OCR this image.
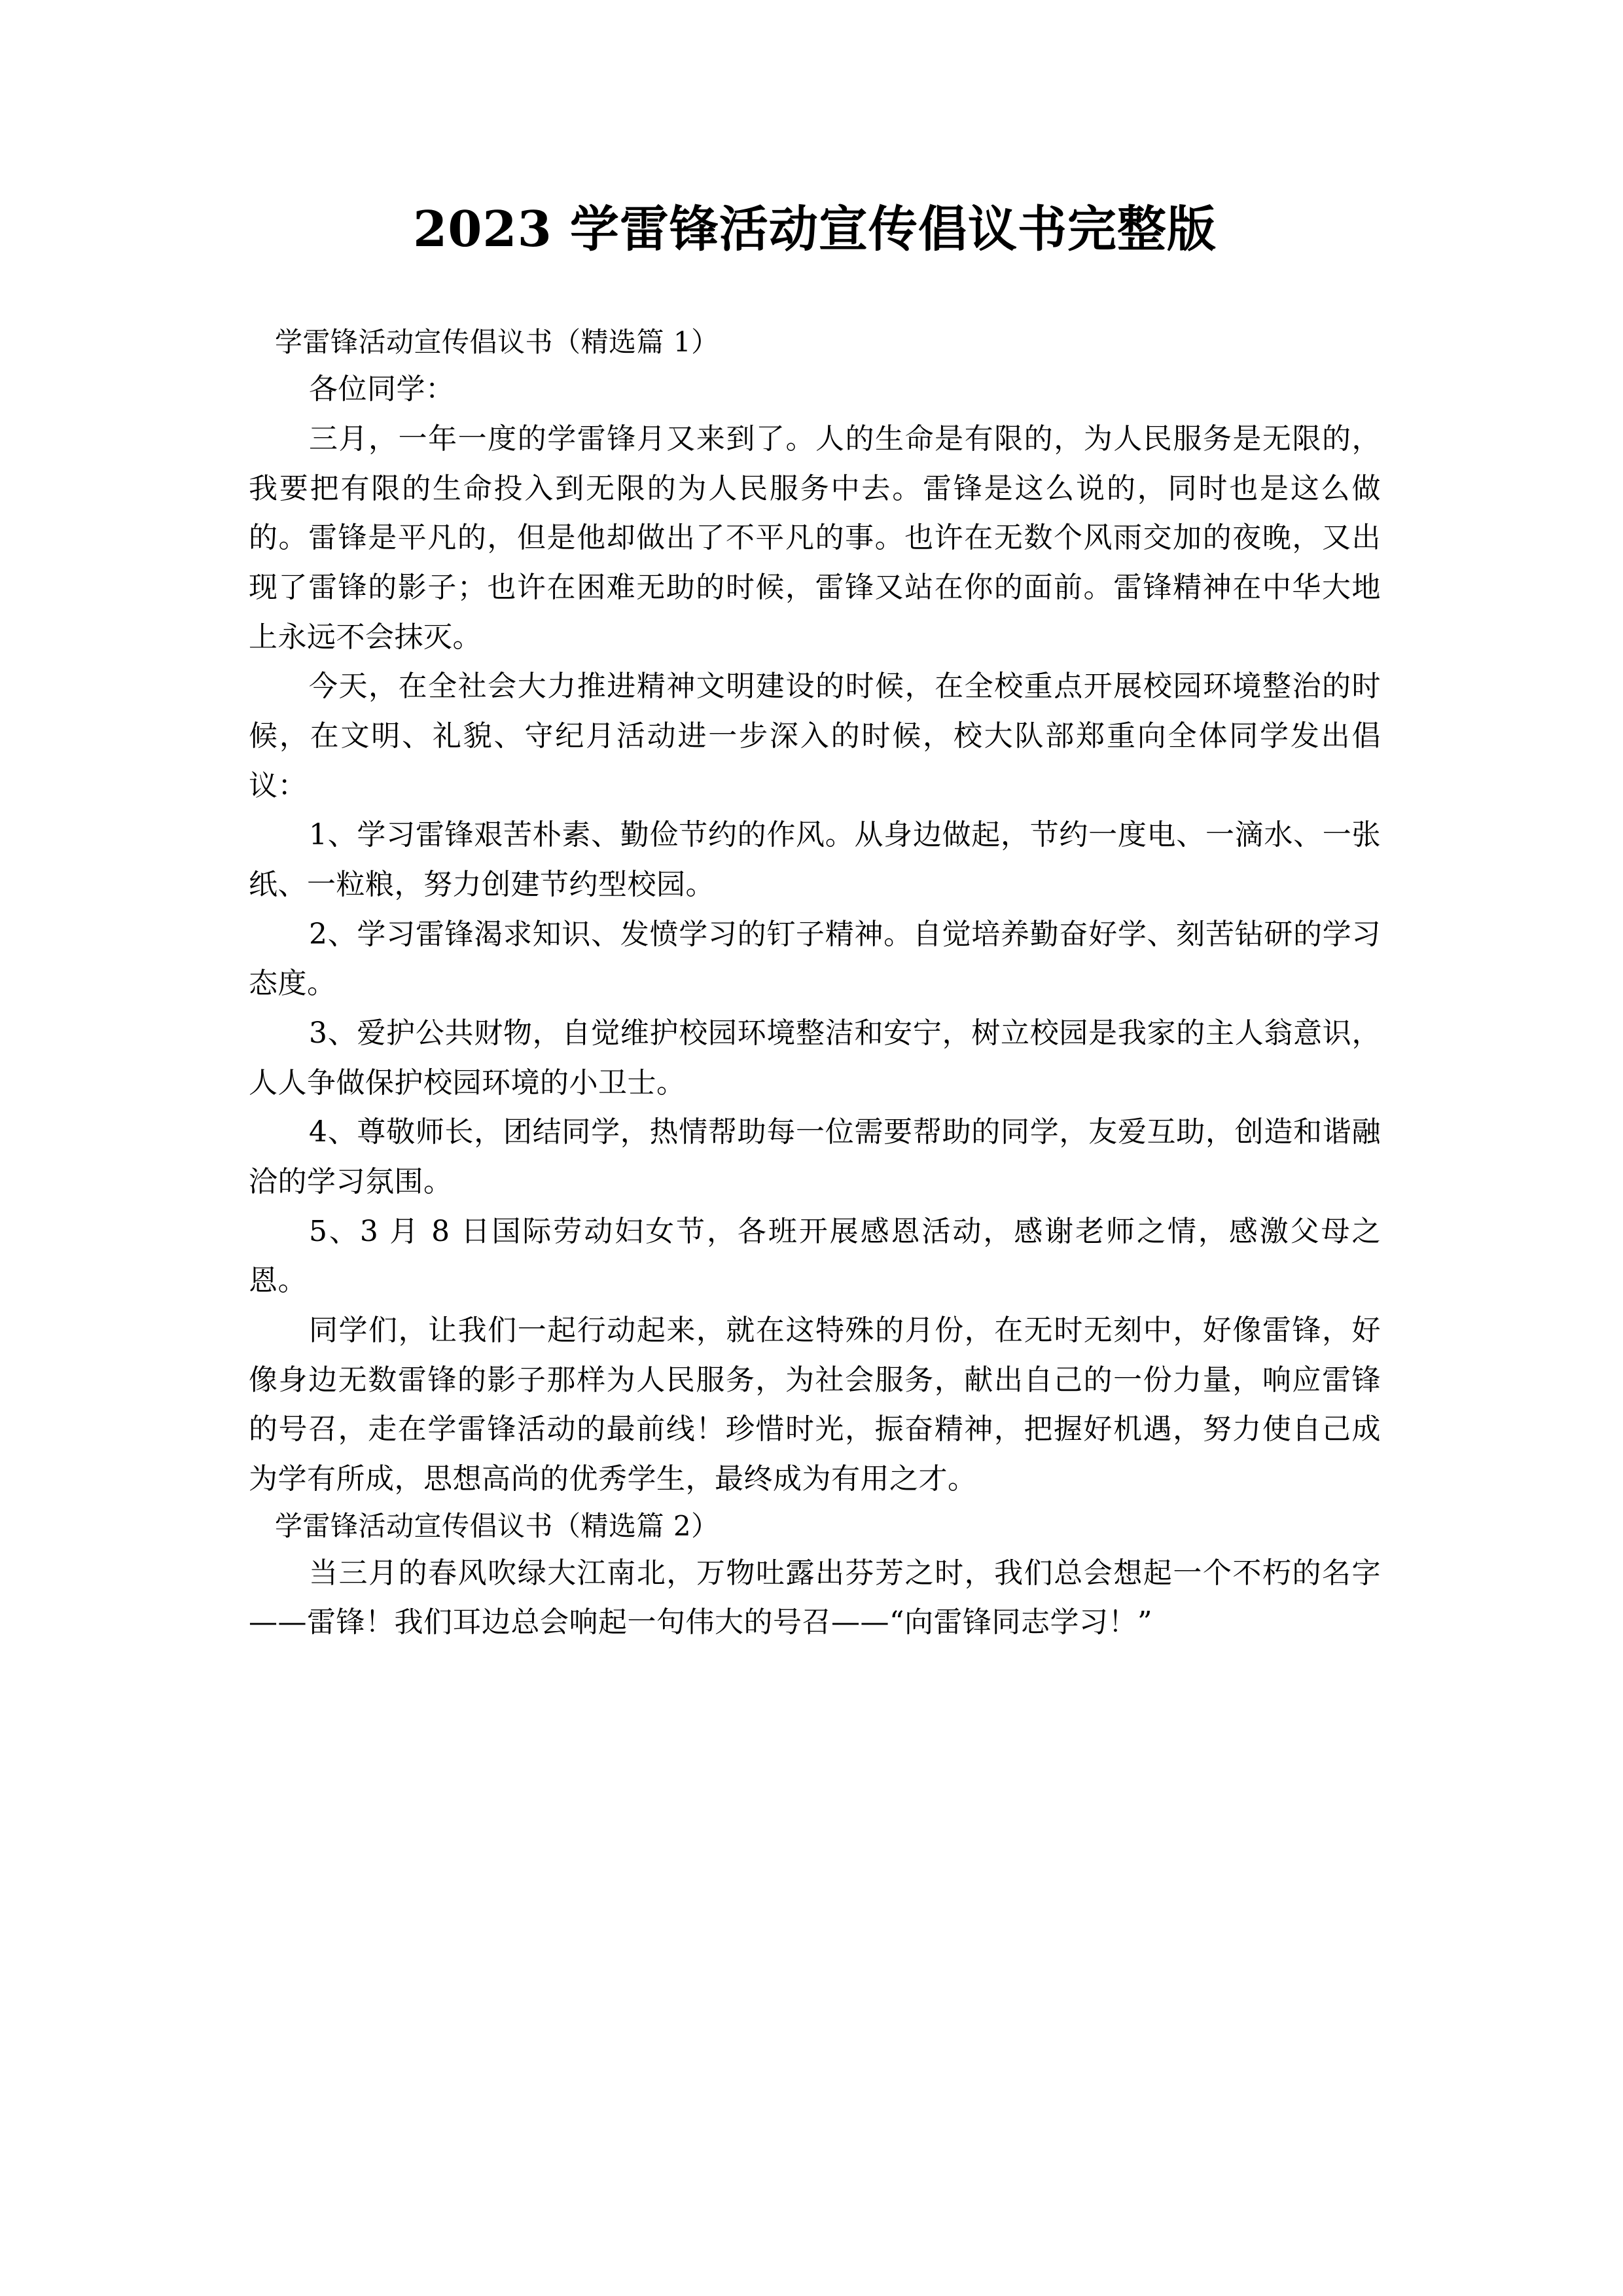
2023 学雷锋活动宣传倡议书完整版

学雷锋活动宣传倡议书（精选篇 1）

各位同学：

三月，一年一度的学雷锋月又来到了。人的生命是有限的，为人民服务是无限的，我要把有限的生命投入到无限的为人民服务中去。雷锋是这么说的，同时也是这么做的。雷锋是平凡的，但是他却做出了不平凡的事。也许在无数个风雨交加的夜晚，又出现了雷锋的影子；也许在困难无助的时候，雷锋又站在你的面前。雷锋精神在中华大地上永远不会抹灭。

今天，在全社会大力推进精神文明建设的时候，在全校重点开展校园环境整治的时候，在文明、礼貌、守纪月活动进一步深入的时候，校大队部郑重向全体同学发出倡议：

1、学习雷锋艰苦朴素、勤俭节约的作风。从身边做起，节约一度电、一滴水、一张纸、一粒粮，努力创建节约型校园。

2、学习雷锋渴求知识、发愤学习的钉子精神。自觉培养勤奋好学、刻苦钻研的学习态度。

3、爱护公共财物，自觉维护校园环境整洁和安宁，树立校园是我家的主人翁意识，人人争做保护校园环境的小卫士。

4、尊敬师长，团结同学，热情帮助每一位需要帮助的同学，友爱互助，创造和谐融洽的学习氛围。

5、3 月 8 日国际劳动妇女节，各班开展感恩活动，感谢老师之情，感激父母之恩。

同学们，让我们一起行动起来，就在这特殊的月份，在无时无刻中，好像雷锋，好像身边无数雷锋的影子那样为人民服务，为社会服务，献出自己的一份力量，响应雷锋的号召，走在学雷锋活动的最前线！珍惜时光，振奋精神，把握好机遇，努力使自己成为学有所成，思想高尚的优秀学生，最终成为有用之才。

学雷锋活动宣传倡议书（精选篇 2）

当三月的春风吹绿大江南北，万物吐露出芬芳之时，我们总会想起一个不朽的名字——雷锋！我们耳边总会响起一句伟大的号召——“向雷锋同志学习！”
